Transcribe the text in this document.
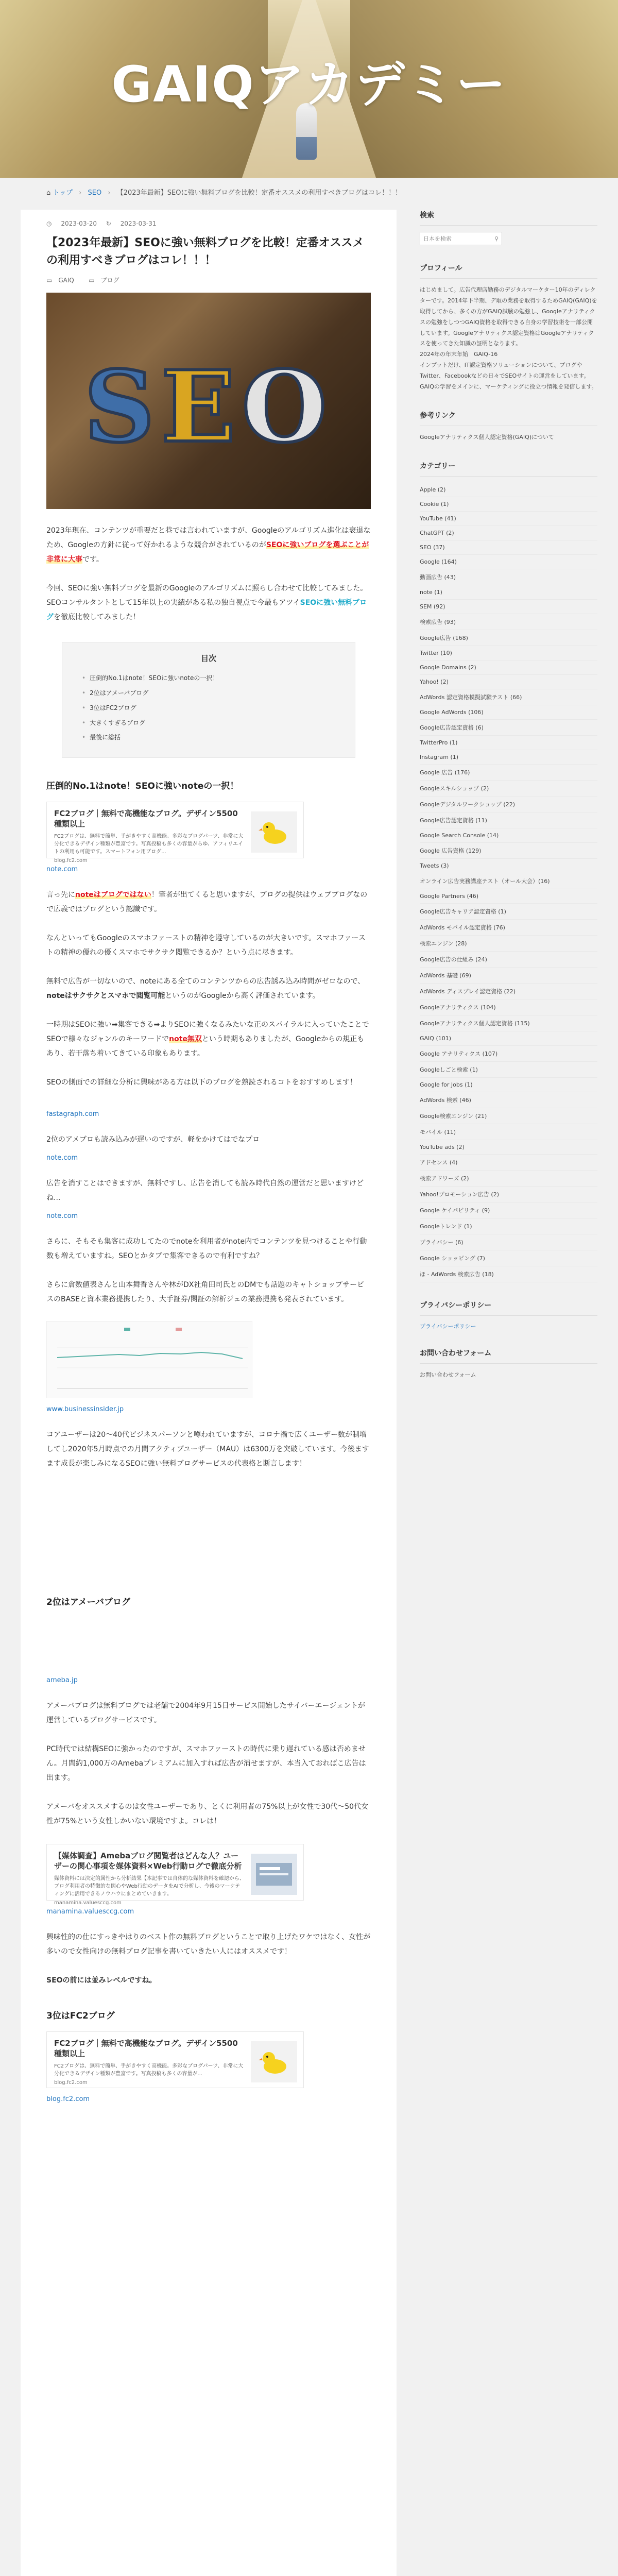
GAIQアカデミー
⌂ トップ › SEO › 【2023年最新】SEOに強い無料ブログを比較！定番オススメの利用すべきブログはコレ！！！
◷ 2023-03-20 ↻ 2023-03-31
【2023年最新】SEOに強い無料ブログを比較！定番オススメの利用すべきブログはコレ！！！
▭GAIQ ▭ブログ
SEO

2023年現在、コンテンツが重要だと巷では言われていますが、Googleのアルゴリズム進化は衰退なため、Googleの方針に従って好かれるような競合がされているのがSEOに強いブログを選ぶことが非常に大事です。

今回、SEOに強い無料ブログを最新のGoogleのアルゴリズムに照らし合わせて比較してみました。SEOコンサルタントとして15年以上の実績がある私の独自視点で今最もアツイSEOに強い無料ブログを徹底比較してみました！

目次
• 圧倒的No.1はnote！SEOに強いnoteの一択！
• 2位はアメーバブログ
• 3位はFC2ブログ
• 大きくすぎるブログ
• 最後に総括
圧倒的No.1はnote！SEOに強いnoteの一択！
FC2ブログ｜無料で高機能なブログ。デザイン￼5500種類以上
FC2ブログは、無料で簡単、手がきやすく高機能。多彩なブログパーツ、非常に大分化できるデザイン種類が豊富です。写真投稿も多くの容量がらゆ、アフィリエイトの利用も可能です。スマートフォン用ブログ...
blog.fc2.com
note.com

言っ先にnoteはブログではない！筆者が出てくると思いますが、ブログの提供はウェブブログなので広義ではブログという認識です。

なんといってもGoogleのスマホファーストの精神を遵守しているのが大きいです。スマホファーストの精神の優れの優くスマホでサクサク閲覧できるか？という点に尽きます。

無料で広告が一切ないので、noteにある全てのコンテンツからの広告誘み込み時間がゼロなので、noteはサクサクとスマホで閲覧可能というのがGoogleから高く評価されています。

一時期はSEOに強い➡集客できる➡よりSEOに強くなるみたいな正のスパイラルに入っていたことでSEOで様々なジャンルのキーワードでnote無双という時期もありましたが、Googleからの規正もあり、若干落ち着いてきている印象もあります。

SEOの側面での詳細な分析に興味がある方は以下のブログを熟読されるコトをおすすめします！

fastagraph.com

2位のアメブロも読み込みが遅いのですが、軽をかけてはでなプロ

note.com

広告を消すことはできますが、無料ですし、広告を消しても読み時代自然の運営だと思いますけどね...

note.com

さらに、そもそも集客に成功してたのでnoteを利用者がnote内でコンテンツを見つけることや行動数も増えていますね。SEOとかタブで集客できるので有利ですね？

さらに倉数値表さんと山本舞香さんや林がDX社角田司氏とのDMでも話題のキャトショップサービスのBASEと資本業務提携したり、大手証券/関証の解析ジェの業務提携も発表されています。

www.businessinsider.jp

コアユーザーは20〜40代ビジネスパーソンと噂われていますが、コロナ禍で広くユーザー数が制増してし2020年5月時点での月間アクティブユーザー（MAU）は6300万を突破しています。今後ますます成長が楽しみになるSEOに強い無料ブログサービスの代表格と断言します！

2位はアメーバブログ
ameba.jp

アメーバブログは無料ブログでは老舗で2004年9月15日サービス開始したサイバーエージェントが運営しているブログサービスです。

PC時代では結構SEOに強かったのですが、スマホファーストの時代に乗り遅れている感は否めません。月間約1,000万のAmebaプレミアムに加入すれば広告が消せますが、本当入ておればこ広告は出ます。

アメーバをオススメするのは女性ユーザーであり、とくに利用者の75%以上が女性で30代〜50代女性が75%という女性しかいない環境ですよ。コレは！

【媒体調査】Amebaブログ閲覧者はどんな人？ユーザーの関心事項を媒体資料×Web行動ログで徹底分析
媒体資料には決定的属性から分析結果【本記事では自体的な媒体資料を確認から、ブログ利用者の特徴的な関心やWeb行動のデータをAIで分析し、今後のマーケティングに活用できるノウハウにまとめていきます。
manamina.valuesccg.com
manamina.valuesccg.com

興味性的の仕にすっきやはりのベスト作の無料ブログということで取り上げたワケではなく、女性が多いので女性向けの無料ブログ記事を書いていきたい人にはオススメです！

SEOの前には並みレベルですね。

3位はFC2ブログ
FC2ブログ｜無料で高機能なブログ。デザイン￼5500種類以上
FC2ブログは、無料で簡単、手がきやすく高機能。多彩なブログパーツ、非常に大分化できるデザイン種類が豊富です。写真投稿も多くの容量が...
blog.fc2.com
blog.fc2.com
検索
日本を検索	⚲
プロフィール

はじめまして。広告代理店勤務のデジタルマーケター10年のディレクターです。2014年下半期、デ取の業務を取得するためGAIQ(GAIQ)を取得してから、多くの方がGAIQ試験の勉強し、Googleアナリティクスの勉強をしつつGAIQ資格を取得できる自身の学習技術を一部公開しています。Googleアナリティクス認定資格はGoogleアナリティクスを使ってきた知識の証明となります。

2024年の年末年始　GAIQ-16

インプットだけ、IT認定資格ソリューションについて、ブログやTwitter、Facebookなどの日々でSEOサイトの運営をしています。GAIQの学習をメインに、マーケティングに役立つ情報を発信します。

参考リンク

Googleアナリティクス個人認定資格(GAIQ)について

カテゴリー
Apple (2)
Cookie (1)
YouTube (41)
ChatGPT (2)
SEO (37)
Google (164)
動画広告 (43)
note (1)
SEM (92)
検索広告 (93)
Google広告 (168)
Twitter (10)
Google Domains (2)
Yahoo! (2)
AdWords 認定資格模擬試験テスト (66)
Google AdWords (106)
Google広告認定資格 (6)
TwitterPro (1)
Instagram (1)
Google 広告 (176)
Googleスキルショップ (2)
Googleデジタルワークショップ (22)
Google広告認定資格 (11)
Google Search Console (14)
Google 広告資格 (129)
Tweets (3)
オンライン広告実務講座テスト（オール大会）(16)
Google Partners (46)
Google広告キャリア認定資格 (1)
AdWords モバイル認定資格 (76)
検索エンジン (28)
Google広告の仕組み (24)
AdWords 基礎 (69)
AdWords ディスプレイ認定資格 (22)
Googleアナリティクス (104)
Googleアナリティクス個人認定資格 (115)
GAIQ (101)
Google アナリティクス (107)
Googleしごと検索 (1)
Google for Jobs (1)
AdWords 検索 (46)
Google検索エンジン (21)
モバイル (11)
YouTube ads (2)
アドセンス (4)
検索アドワーズ (2)
Yahoo!プロモーション広告 (2)
Google ケイパビリティ (9)
Googleトレンド (1)
プライバシー (6)
Google ショッピング (7)
ほ - AdWords 検索広告 (18)
プライバシーポリシー
プライバシーポリシー
お問い合わせフォーム

お問い合わせフォーム
